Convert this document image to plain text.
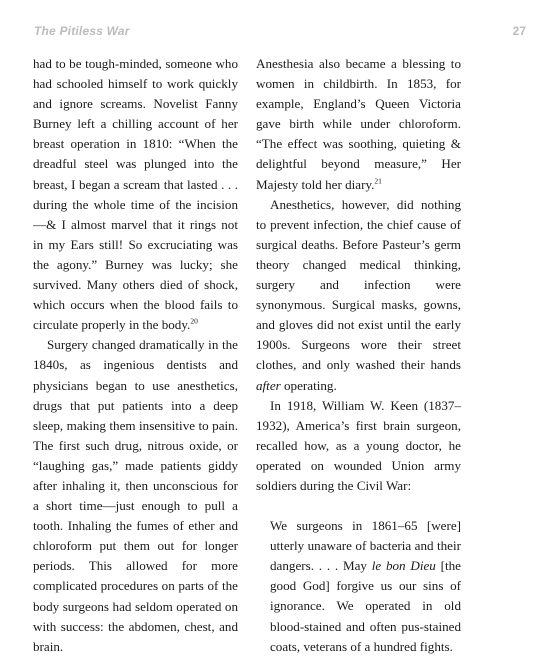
The Pitiless War	27

had to be tough-minded, someone who had schooled himself to work quickly and ignore screams. Novelist Fanny Burney left a chilling account of her breast operation in 1810: “When the dreadful steel was plunged into the breast, I began a scream that lasted . . . during the whole time of the incision—& I almost marvel that it rings not in my Ears still! So excruciating was the agony.” Burney was lucky; she survived. Many others died of shock, which occurs when the blood fails to circulate properly in the body.$^{20}$

Surgery changed dramatically in the 1840s, as ingenious dentists and physicians began to use anesthetics, drugs that put patients into a deep sleep, making them insensitive to pain. The first such drug, nitrous oxide, or “laughing gas,” made patients giddy after inhaling it, then unconscious for a short time—just enough to pull a tooth. Inhaling the fumes of ether and chloroform put them out for longer periods. This allowed for more complicated procedures on parts of the body surgeons had seldom operated on with success: the abdomen, chest, and brain.

Anesthesia also became a blessing to women in childbirth. In 1853, for example, England’s Queen Victoria gave birth while under chloroform. “The effect was soothing, quieting & delightful beyond measure,” Her Majesty told her diary.$^{21}$

Anesthetics, however, did nothing to prevent infection, the chief cause of surgical deaths. Before Pasteur’s germ theory changed medical thinking, surgery and infection were synonymous. Surgical masks, gowns, and gloves did not exist until the early 1900s. Surgeons wore their street clothes, and only washed their hands after operating.

In 1918, William W. Keen (1837–1932), America’s first brain surgeon, recalled how, as a young doctor, he operated on wounded Union army soldiers during the Civil War:

We surgeons in 1861–65 [were] utterly unaware of bacteria and their dangers. . . . May le bon Dieu [the good God] forgive us our sins of ignorance. We operated in old blood-stained and often pus-stained coats, veterans of a hundred fights.
